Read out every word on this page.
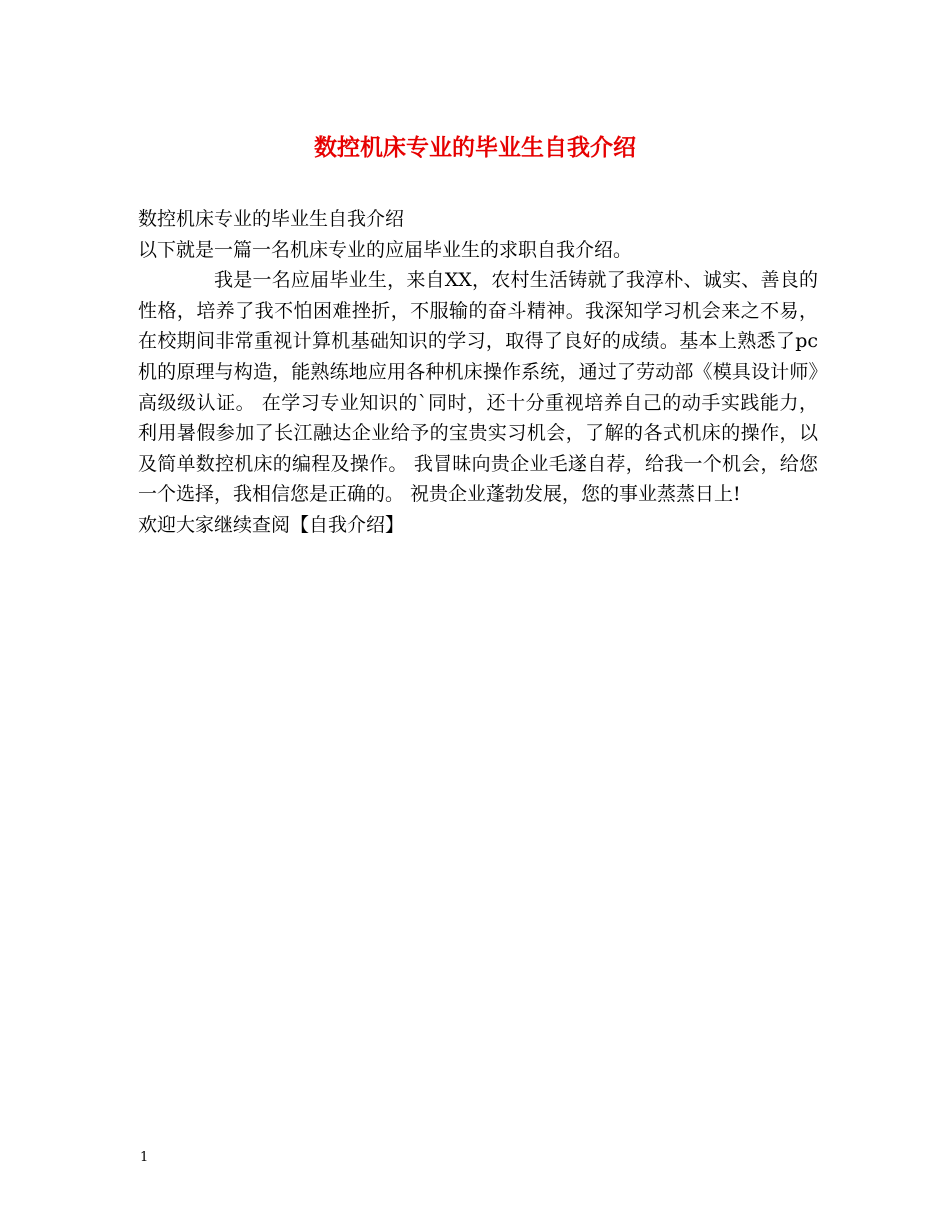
数控机床专业的毕业生自我介绍
数控机床专业的毕业生自我介绍
以下就是一篇一名机床专业的应届毕业生的求职自我介绍。
我是一名应届毕业生，来自XX，农村生活铸就了我淳朴、诚实、善良的性格，培养了我不怕困难挫折，不服输的奋斗精神。我深知学习机会来之不易，在校期间非常重视计算机基础知识的学习，取得了良好的成绩。基本上熟悉了pc机的原理与构造，能熟练地应用各种机床操作系统，通过了劳动部《模具设计师》高级级认证。 在学习专业知识的`同时，还十分重视培养自己的动手实践能力，利用暑假参加了长江融达企业给予的宝贵实习机会，了解的各式机床的操作，以及简单数控机床的编程及操作。 我冒昧向贵企业毛遂自荐，给我一个机会，给您一个选择，我相信您是正确的。 祝贵企业蓬勃发展，您的事业蒸蒸日上!
欢迎大家继续查阅【自我介绍】
1
